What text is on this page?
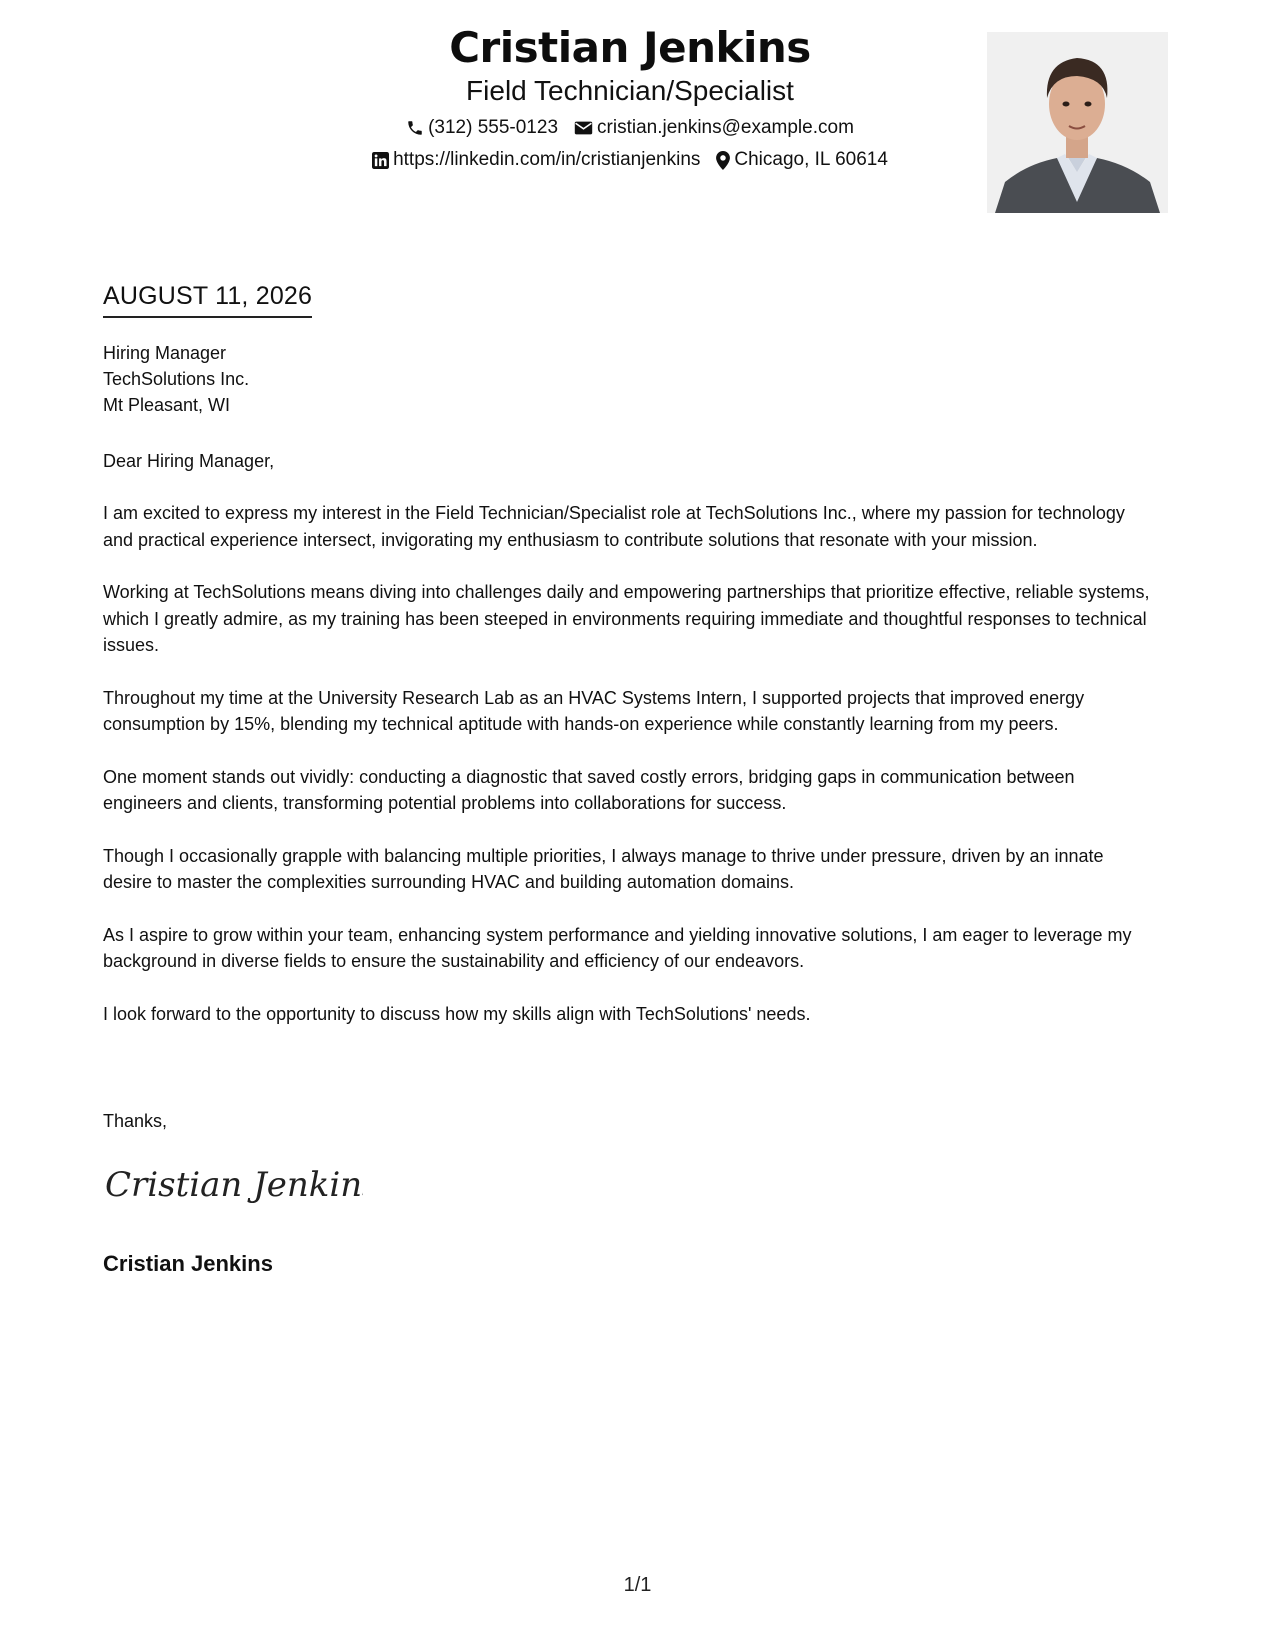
Cristian Jenkins
Field Technician/Specialist
(312) 555-0123 cristian.jenkins@example.com
https://linkedin.com/in/cristianjenkins Chicago, IL 60614
AUGUST 11, 2026
Hiring Manager
TechSolutions Inc.
Mt Pleasant, WI
Dear Hiring Manager,

I am excited to express my interest in the Field Technician/Specialist role at TechSolutions Inc., where my passion for technology and practical experience intersect, invigorating my enthusiasm to contribute solutions that resonate with your mission.

Working at TechSolutions means diving into challenges daily and empowering partnerships that prioritize effective, reliable systems, which I greatly admire, as my training has been steeped in environments requiring immediate and thoughtful responses to technical issues.

Throughout my time at the University Research Lab as an HVAC Systems Intern, I supported projects that improved energy consumption by 15%, blending my technical aptitude with hands-on experience while constantly learning from my peers.

One moment stands out vividly: conducting a diagnostic that saved costly errors, bridging gaps in communication between engineers and clients, transforming potential problems into collaborations for success.

Though I occasionally grapple with balancing multiple priorities, I always manage to thrive under pressure, driven by an innate desire to master the complexities surrounding HVAC and building automation domains.

As I aspire to grow within your team, enhancing system performance and yielding innovative solutions, I am eager to leverage my background in diverse fields to ensure the sustainability and efficiency of our endeavors.

I look forward to the opportunity to discuss how my skills align with TechSolutions' needs.

Thanks,
Cristian Jenkins
Cristian Jenkins
1/1
